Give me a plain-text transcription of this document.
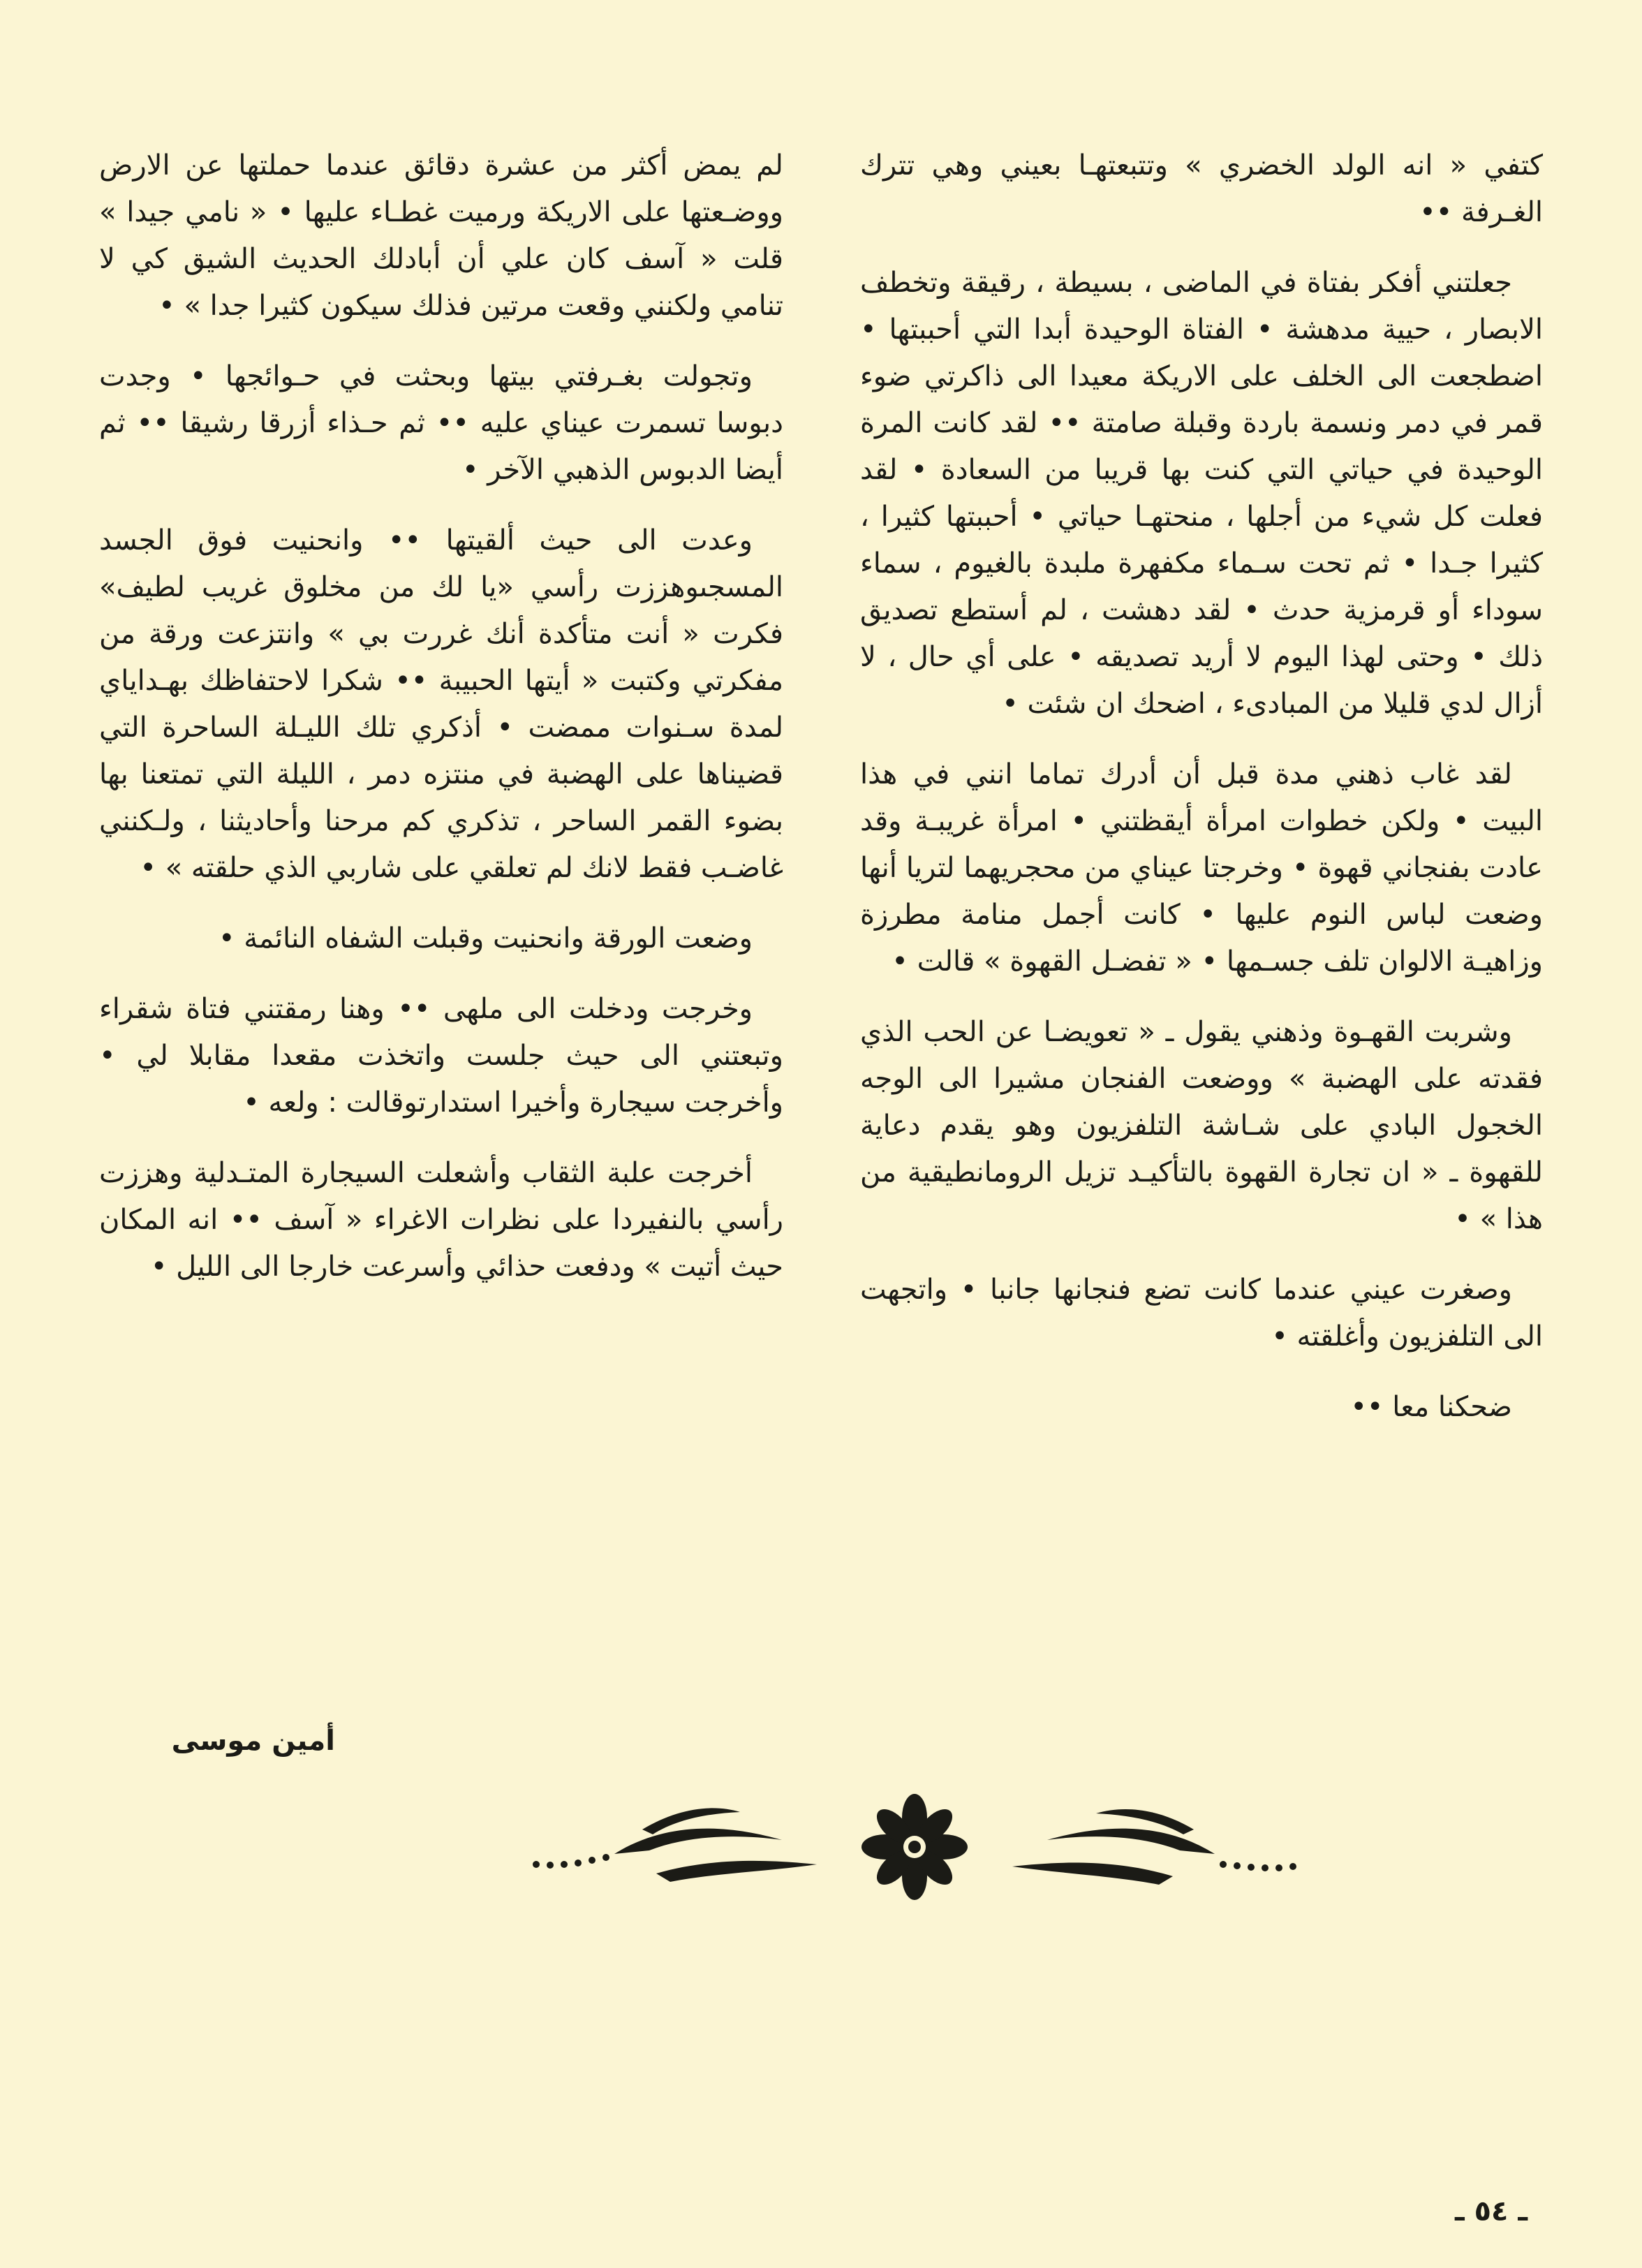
كتفي « انه الولد الخضري » وتتبعتهـا بعيني وهي تترك الغـرفة ••

جعلتني أفكر بفتاة في الماضى ، بسيطة ، رقيقة وتخطف الابصار ، حيية مدهشة • الفتاة الوحيدة أبدا التي أحببتها • اضطجعت الى الخلف على الاريكة معيدا الى ذاكرتي ضوء قمر في دمر ونسمة باردة وقبلة صامتة •• لقد كانت المرة الوحيدة في حياتي التي كنت بها قريبا من السعادة • لقد فعلت كل شيء من أجلها ، منحتهـا حياتي • أحببتها كثيرا ، كثيرا جـدا • ثم تحت سـماء مكفهرة ملبدة بالغيوم ، سماء سوداء أو قرمزية حدث • لقد دهشت ، لم أستطع تصديق ذلك • وحتى لهذا اليوم لا أريد تصديقه • على أي حال ، لا أزال لدي قليلا من المبادىء ، اضحك ان شئت •

لقد غاب ذهني مدة قبل أن أدرك تماما انني في هذا البيت • ولكن خطوات امرأة أيقظتني • امرأة غريبـة وقد عادت بفنجاني قهوة • وخرجتا عيناي من محجريهما لتريا أنها وضعت لباس النوم عليها • كانت أجمل منامة مطرزة وزاهيـة الالوان تلف جسـمها • « تفضـل القهوة » قالت •

وشربت القهـوة وذهني يقول ـ « تعويضـا عن الحب الذي فقدته على الهضبة » ووضعت الفنجان مشيرا الى الوجه الخجول البادي على شـاشة التلفزيون وهو يقدم دعاية للقهوة ـ « ان تجارة القهوة بالتأكيـد تزيل الرومانطيقية من هذا » •

وصغرت عيني عندما كانت تضع فنجانها جانبا • واتجهت الى التلفزيون وأغلقته •

ضحكنا معا ••

لم يمض أكثر من عشرة دقائق عندما حملتها عن الارض ووضـعتها على الاريكة ورميت غطـاء عليها • « نامي جيدا » قلت « آسف كان علي أن أبادلك الحديث الشيق كي لا تنامي ولكنني وقعت مرتين فذلك سيكون كثيرا جدا » •

وتجولت بغـرفتي بيتها وبحثت في حـوائجها • وجدت دبوسا تسمرت عيناي عليه •• ثم حـذاء أزرقا رشيقا •• ثم أيضا الدبوس الذهبي الآخر •

وعدت الى حيث ألقيتها •• وانحنيت فوق الجسد المسجىوهززت رأسي «يا لك من مخلوق غريب لطيف» فكرت « أنت متأكدة أنك غررت بي » وانتزعت ورقة من مفكرتي وكتبت « أيتها الحبيبة •• شكرا لاحتفاظك بهـداياي لمدة سـنوات ممضت • أذكري تلك الليـلة الساحرة التي قضيناها على الهضبة في منتزه دمر ، الليلة التي تمتعنا بها بضوء القمر الساحر ، تذكري كم مرحنا وأحاديثنا ، ولـكنني غاضـب فقط لانك لم تعلقي على شاربي الذي حلقته » •

وضعت الورقة وانحنيت وقبلت الشفاه النائمة •

وخرجت ودخلت الى ملهى •• وهنا رمقتني فتاة شقراء وتبعتني الى حيث جلست واتخذت مقعدا مقابلا لي • وأخرجت سيجارة وأخيرا استدارتوقالت : ولعه •

أخرجت علبة الثقاب وأشعلت السيجارة المتـدلية وهززت رأسي بالنفيردا على نظرات الاغراء « آسف •• انه المكان حيث أتيت » ودفعت حذائي وأسرعت خارجا الى الليل •

أمين موسى
ـ ٥٤ ـ
